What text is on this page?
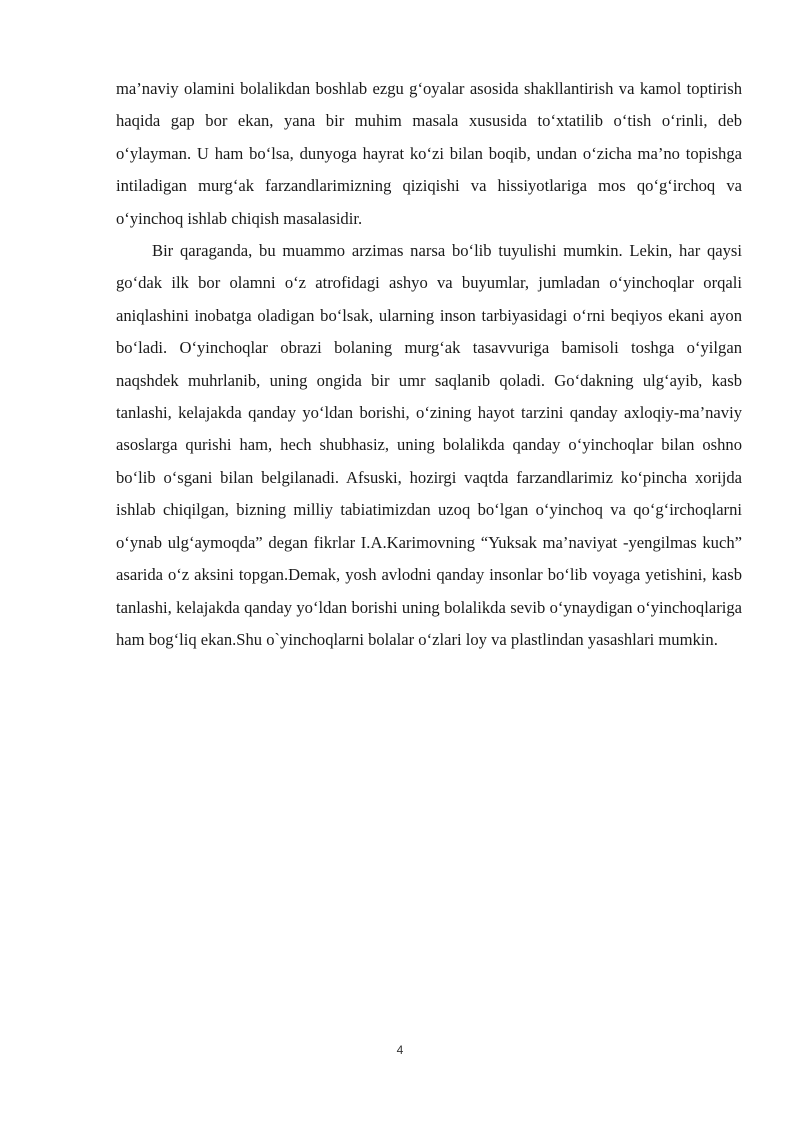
ma’naviy olamini bolalikdan boshlab ezgu g‘oyalar asosida shakllantirish va kamol toptirish haqida gap bor ekan, yana bir muhim masala xususida to‘xtatilib o‘tish o‘rinli, deb o‘ylayman. U ham bo‘lsa, dunyoga hayrat ko‘zi bilan boqib, undan o‘zicha ma’no topishga intiladigan murg‘ak farzandlarimizning qiziqishi va hissiyotlariga mos qo‘g‘irchoq va o‘yinchoq ishlab chiqish masalasidir.

Bir qaraganda, bu muammo arzimas narsa bo‘lib tuyulishi mumkin. Lekin, har qaysi go‘dak ilk bor olamni o‘z atrofidagi ashyo va buyumlar, jumladan o‘yinchoqlar orqali aniqlashini inobatga oladigan bo‘lsak, ularning inson tarbiyasidagi o‘rni beqiyos ekani ayon bo‘ladi. O‘yinchoqlar obrazi bolaning murg‘ak tasavvuriga bamisoli toshga o‘yilgan naqshdek muhrlanib, uning ongida bir umr saqlanib qoladi. Go‘dakning ulg‘ayib, kasb tanlashi, kelajakda qanday yo‘ldan borishi, o‘zining hayot tarzini qanday axloqiy-ma’naviy asoslarga qurishi ham, hech shubhasiz, uning bolalikda qanday o‘yinchoqlar bilan oshno bo‘lib o‘sgani bilan belgilanadi. Afsuski, hozirgi vaqtda farzandlarimiz ko‘pincha xorijda ishlab chiqilgan, bizning milliy tabiatimizdan uzoq bo‘lgan o‘yinchoq va qo‘g‘irchoqlarni o‘ynab ulg‘aymoqda” degan fikrlar I.A.Karimovning “Yuksak ma’naviyat -yengilmas kuch” asarida o‘z aksini topgan.Demak, yosh avlodni qanday insonlar bo‘lib voyaga yetishini, kasb tanlashi, kelajakda qanday yo‘ldan borishi uning bolalikda sevib o‘ynaydigan o‘yinchoqlariga ham bog‘liq ekan.Shu o`yinchoqlarni bolalar o‘zlari loy va plastlindan yasashlari mumkin.

4
